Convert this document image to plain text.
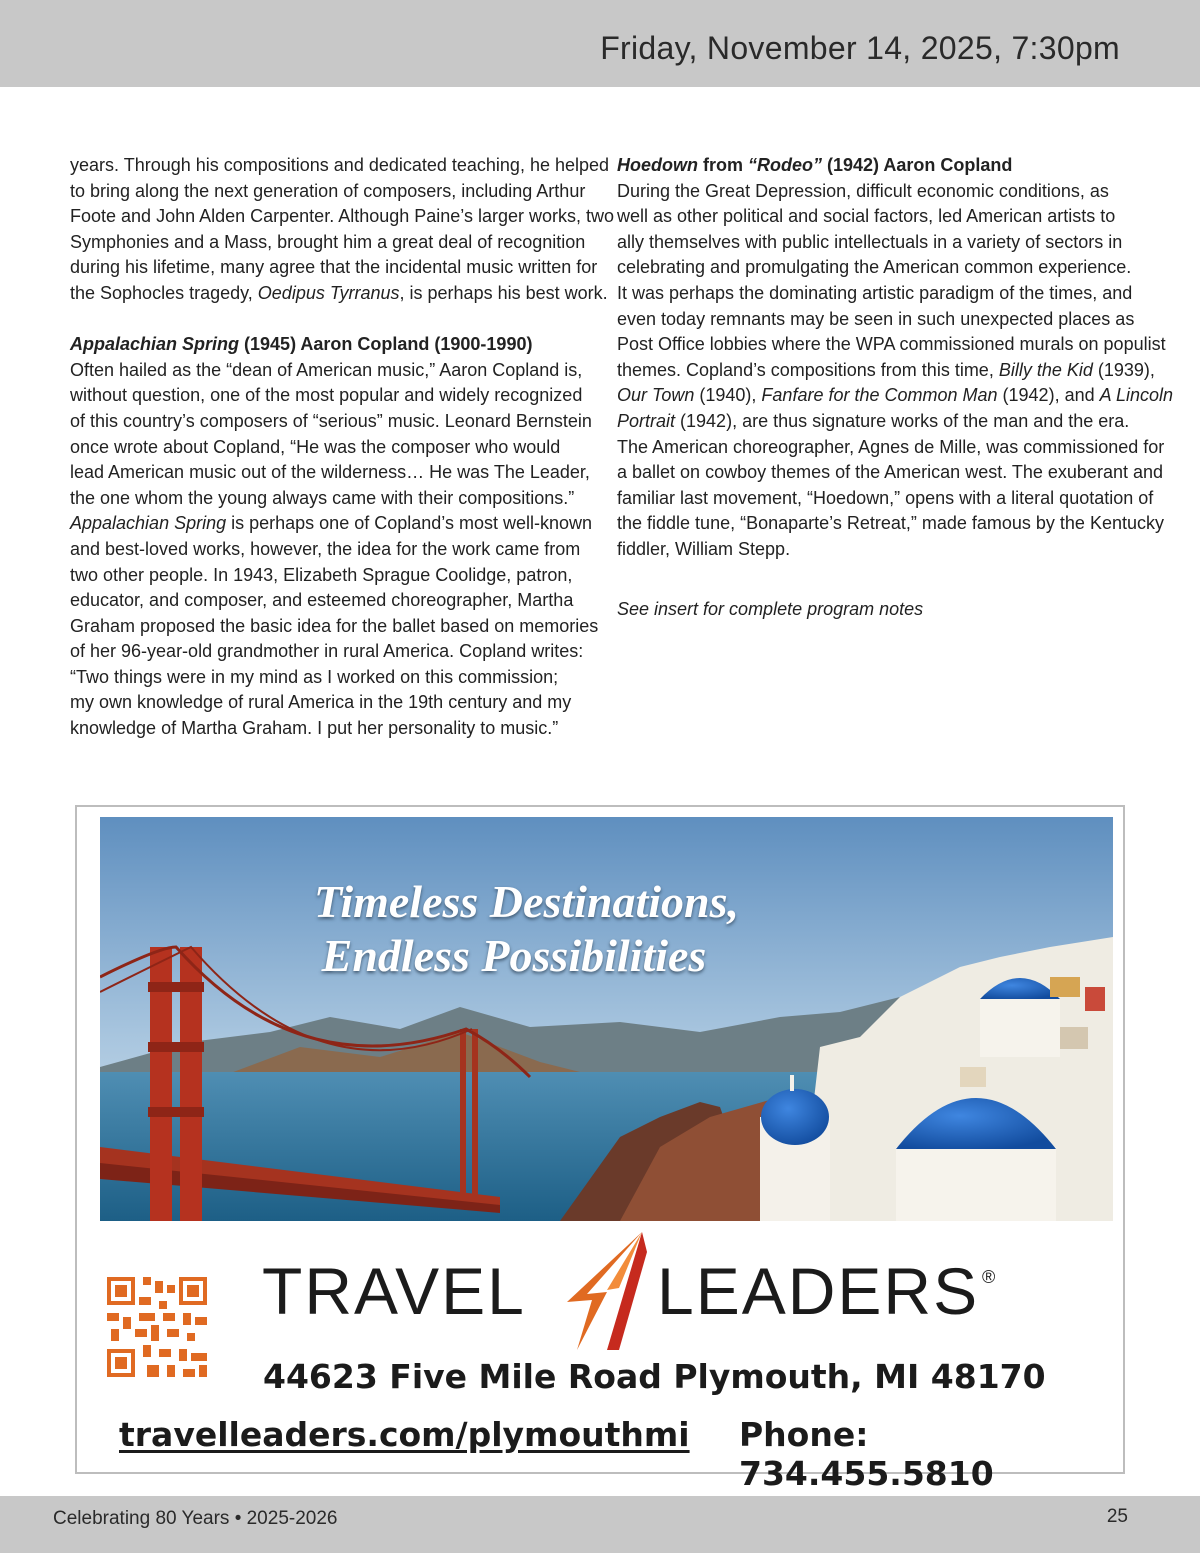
Friday, November 14, 2025, 7:30pm

years. Through his compositions and dedicated teaching, he helped
to bring along the next generation of composers, including Arthur
Foote and John Alden Carpenter. Although Paine’s larger works, two
Symphonies and a Mass, brought him a great deal of recognition
during his lifetime, many agree that the incidental music written for
the Sophocles tragedy, Oedipus Tyrranus, is perhaps his best work.

Appalachian Spring (1945) Aaron Copland (1900-1990)

Often hailed as the “dean of American music,” Aaron Copland is,
without question, one of the most popular and widely recognized
of this country’s composers of “serious” music. Leonard Bernstein
once wrote about Copland, “He was the composer who would
lead American music out of the wilderness… He was The Leader,
the one whom the young always came with their compositions.”
Appalachian Spring is perhaps one of Copland’s most well-known
and best-loved works, however, the idea for the work came from
two other people. In 1943, Elizabeth Sprague Coolidge, patron,
educator, and composer, and esteemed choreographer, Martha
Graham proposed the basic idea for the ballet based on memories
of her 96-year-old grandmother in rural America. Copland writes:
“Two things were in my mind as I worked on this commission;
my own knowledge of rural America in the 19th century and my
knowledge of Martha Graham. I put her personality to music.”

Hoedown from “Rodeo” (1942) Aaron Copland

During the Great Depression, difficult economic conditions, as
well as other political and social factors, led American artists to
ally themselves with public intellectuals in a variety of sectors in
celebrating and promulgating the American common experience.
It was perhaps the dominating artistic paradigm of the times, and
even today remnants may be seen in such unexpected places as
Post Office lobbies where the WPA commissioned murals on populist
themes. Copland’s compositions from this time, Billy the Kid (1939),
Our Town (1940), Fanfare for the Common Man (1942), and A Lincoln
Portrait (1942), are thus signature works of the man and the era.
The American choreographer, Agnes de Mille, was commissioned for
a ballet on cowboy themes of the American west. The exuberant and
familiar last movement, “Hoedown,” opens with a literal quotation of
the fiddle tune, “Bonaparte’s Retreat,” made famous by the Kentucky
fiddler, William Stepp.

See insert for complete program notes

Timeless Destinations,
Endless Possibilities
TRAVEL LEADERS ®
44623 Five Mile Road Plymouth, MI 48170
travelleaders.com/plymouthmi Phone: 734.455.5810
Celebrating 80 Years • 2025-2026	25
